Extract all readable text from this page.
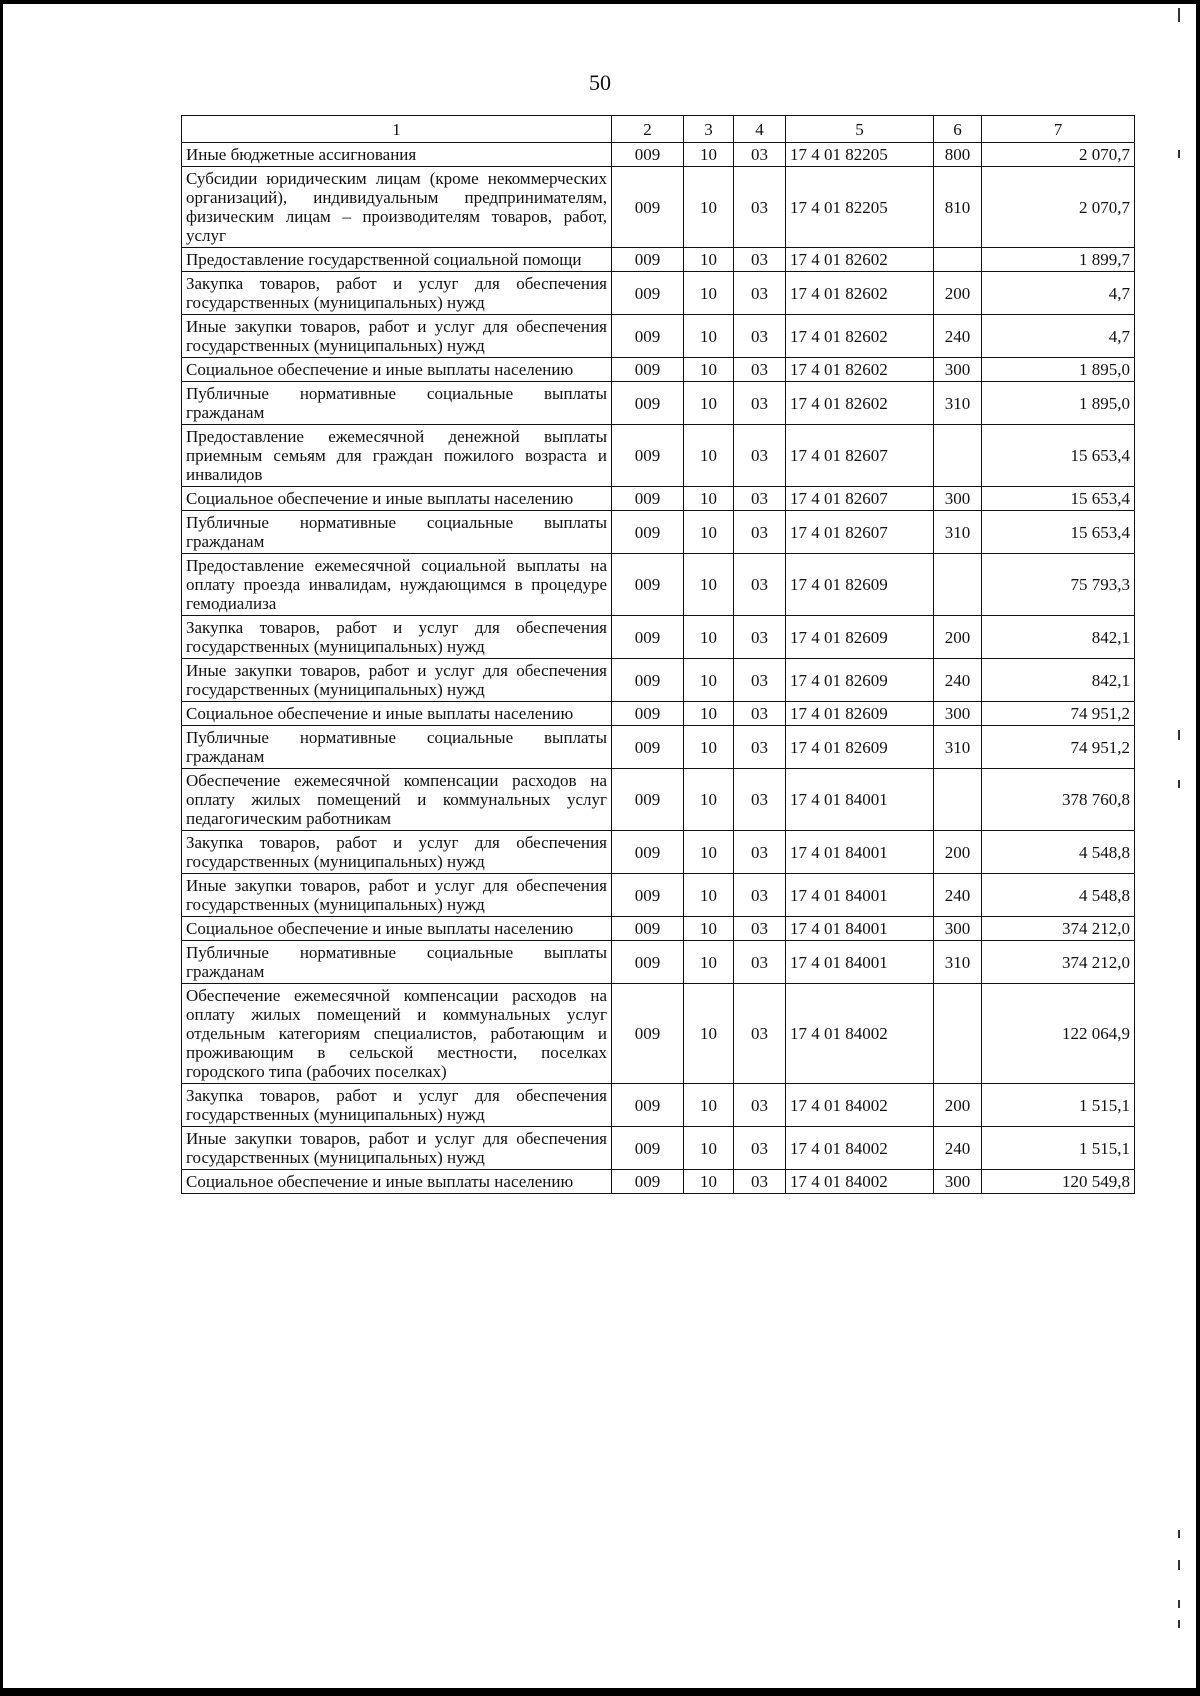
50
1	2	3	4	5	6	7
Иные бюджетные ассигнования	009	10	03	17 4 01 82205	800	2 070,7
Субсидии юридическим лицам (кроме некоммерческих организаций), индивидуальным предпринимателям, физическим лицам – производителям товаров, работ, услуг	009	10	03	17 4 01 82205	810	2 070,7
Предоставление государственной социальной помощи	009	10	03	17 4 01 82602		1 899,7
Закупка товаров, работ и услуг для обеспечения государственных (муниципальных) нужд	009	10	03	17 4 01 82602	200	4,7
Иные закупки товаров, работ и услуг для обеспечения государственных (муниципальных) нужд	009	10	03	17 4 01 82602	240	4,7
Социальное обеспечение и иные выплаты населению	009	10	03	17 4 01 82602	300	1 895,0
Публичные нормативные социальные выплаты гражданам	009	10	03	17 4 01 82602	310	1 895,0
Предоставление ежемесячной денежной выплаты приемным семьям для граждан пожилого возраста и инвалидов	009	10	03	17 4 01 82607		15 653,4
Социальное обеспечение и иные выплаты населению	009	10	03	17 4 01 82607	300	15 653,4
Публичные нормативные социальные выплаты гражданам	009	10	03	17 4 01 82607	310	15 653,4
Предоставление ежемесячной социальной выплаты на оплату проезда инвалидам, нуждающимся в процедуре гемодиализа	009	10	03	17 4 01 82609		75 793,3
Закупка товаров, работ и услуг для обеспечения государственных (муниципальных) нужд	009	10	03	17 4 01 82609	200	842,1
Иные закупки товаров, работ и услуг для обеспечения государственных (муниципальных) нужд	009	10	03	17 4 01 82609	240	842,1
Социальное обеспечение и иные выплаты населению	009	10	03	17 4 01 82609	300	74 951,2
Публичные нормативные социальные выплаты гражданам	009	10	03	17 4 01 82609	310	74 951,2
Обеспечение ежемесячной компенсации расходов на оплату жилых помещений и коммунальных услуг педагогическим работникам	009	10	03	17 4 01 84001		378 760,8
Закупка товаров, работ и услуг для обеспечения государственных (муниципальных) нужд	009	10	03	17 4 01 84001	200	4 548,8
Иные закупки товаров, работ и услуг для обеспечения государственных (муниципальных) нужд	009	10	03	17 4 01 84001	240	4 548,8
Социальное обеспечение и иные выплаты населению	009	10	03	17 4 01 84001	300	374 212,0
Публичные нормативные социальные выплаты гражданам	009	10	03	17 4 01 84001	310	374 212,0
Обеспечение ежемесячной компенсации расходов на оплату жилых помещений и коммунальных услуг отдельным категориям специалистов, работающим и проживающим в сельской местности, поселках городского типа (рабочих поселках)	009	10	03	17 4 01 84002		122 064,9
Закупка товаров, работ и услуг для обеспечения государственных (муниципальных) нужд	009	10	03	17 4 01 84002	200	1 515,1
Иные закупки товаров, работ и услуг для обеспечения государственных (муниципальных) нужд	009	10	03	17 4 01 84002	240	1 515,1
Социальное обеспечение и иные выплаты населению	009	10	03	17 4 01 84002	300	120 549,8
